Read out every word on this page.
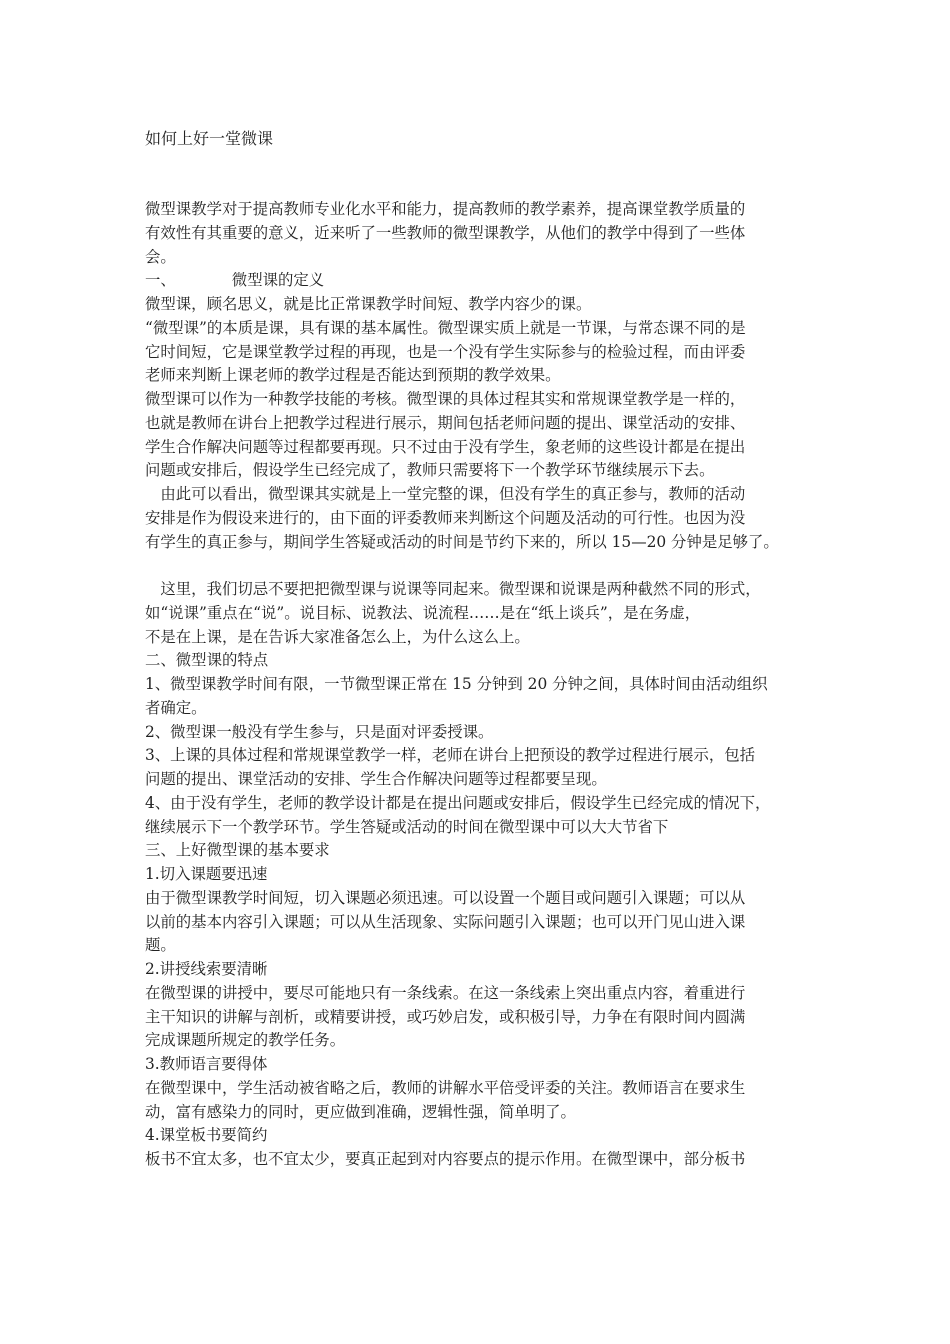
如何上好一堂微课
微型课教学对于提高教师专业化水平和能力，提高教师的教学素养，提高课堂教学质量的
有效性有其重要的意义，近来听了一些教师的微型课教学，从他们的教学中得到了一些体
会。
一、	微型课的定义
微型课，顾名思义，就是比正常课教学时间短、教学内容少的课。
“微型课”的本质是课，具有课的基本属性。微型课实质上就是一节课，与常态课不同的是
它时间短，它是课堂教学过程的再现，也是一个没有学生实际参与的检验过程，而由评委
老师来判断上课老师的教学过程是否能达到预期的教学效果。
微型课可以作为一种教学技能的考核。微型课的具体过程其实和常规课堂教学是一样的，
也就是教师在讲台上把教学过程进行展示，期间包括老师问题的提出、课堂活动的安排、
学生合作解决问题等过程都要再现。只不过由于没有学生，象老师的这些设计都是在提出
问题或安排后，假设学生已经完成了，教师只需要将下一个教学环节继续展示下去。
　由此可以看出，微型课其实就是上一堂完整的课，但没有学生的真正参与，教师的活动
安排是作为假设来进行的，由下面的评委教师来判断这个问题及活动的可行性。也因为没
有学生的真正参与，期间学生答疑或活动的时间是节约下来的，所以 15—20 分钟是足够了。
　这里，我们切忌不要把把微型课与说课等同起来。微型课和说课是两种截然不同的形式，
如“说课”重点在“说”。说目标、说教法、说流程……是在“纸上谈兵”，是在务虚，
不是在上课，是在告诉大家准备怎么上，为什么这么上。
二、微型课的特点
1、微型课教学时间有限，一节微型课正常在 15 分钟到 20 分钟之间，具体时间由活动组织
者确定。
2、微型课一般没有学生参与，只是面对评委授课。
3、上课的具体过程和常规课堂教学一样，老师在讲台上把预设的教学过程进行展示，包括
问题的提出、课堂活动的安排、学生合作解决问题等过程都要呈现。
4、由于没有学生，老师的教学设计都是在提出问题或安排后，假设学生已经完成的情况下，
继续展示下一个教学环节。学生答疑或活动的时间在微型课中可以大大节省下
三、上好微型课的基本要求
1.切入课题要迅速
由于微型课教学时间短，切入课题必须迅速。可以设置一个题目或问题引入课题；可以从
以前的基本内容引入课题；可以从生活现象、实际问题引入课题；也可以开门见山进入课
题。
2.讲授线索要清晰
在微型课的讲授中，要尽可能地只有一条线索。在这一条线索上突出重点内容，着重进行
主干知识的讲解与剖析，或精要讲授，或巧妙启发，或积极引导，力争在有限时间内圆满
完成课题所规定的教学任务。
3.教师语言要得体
在微型课中，学生活动被省略之后，教师的讲解水平倍受评委的关注。教师语言在要求生
动，富有感染力的同时，更应做到准确，逻辑性强，简单明了。
4.课堂板书要简约
板书不宜太多，也不宜太少，要真正起到对内容要点的提示作用。在微型课中，部分板书
